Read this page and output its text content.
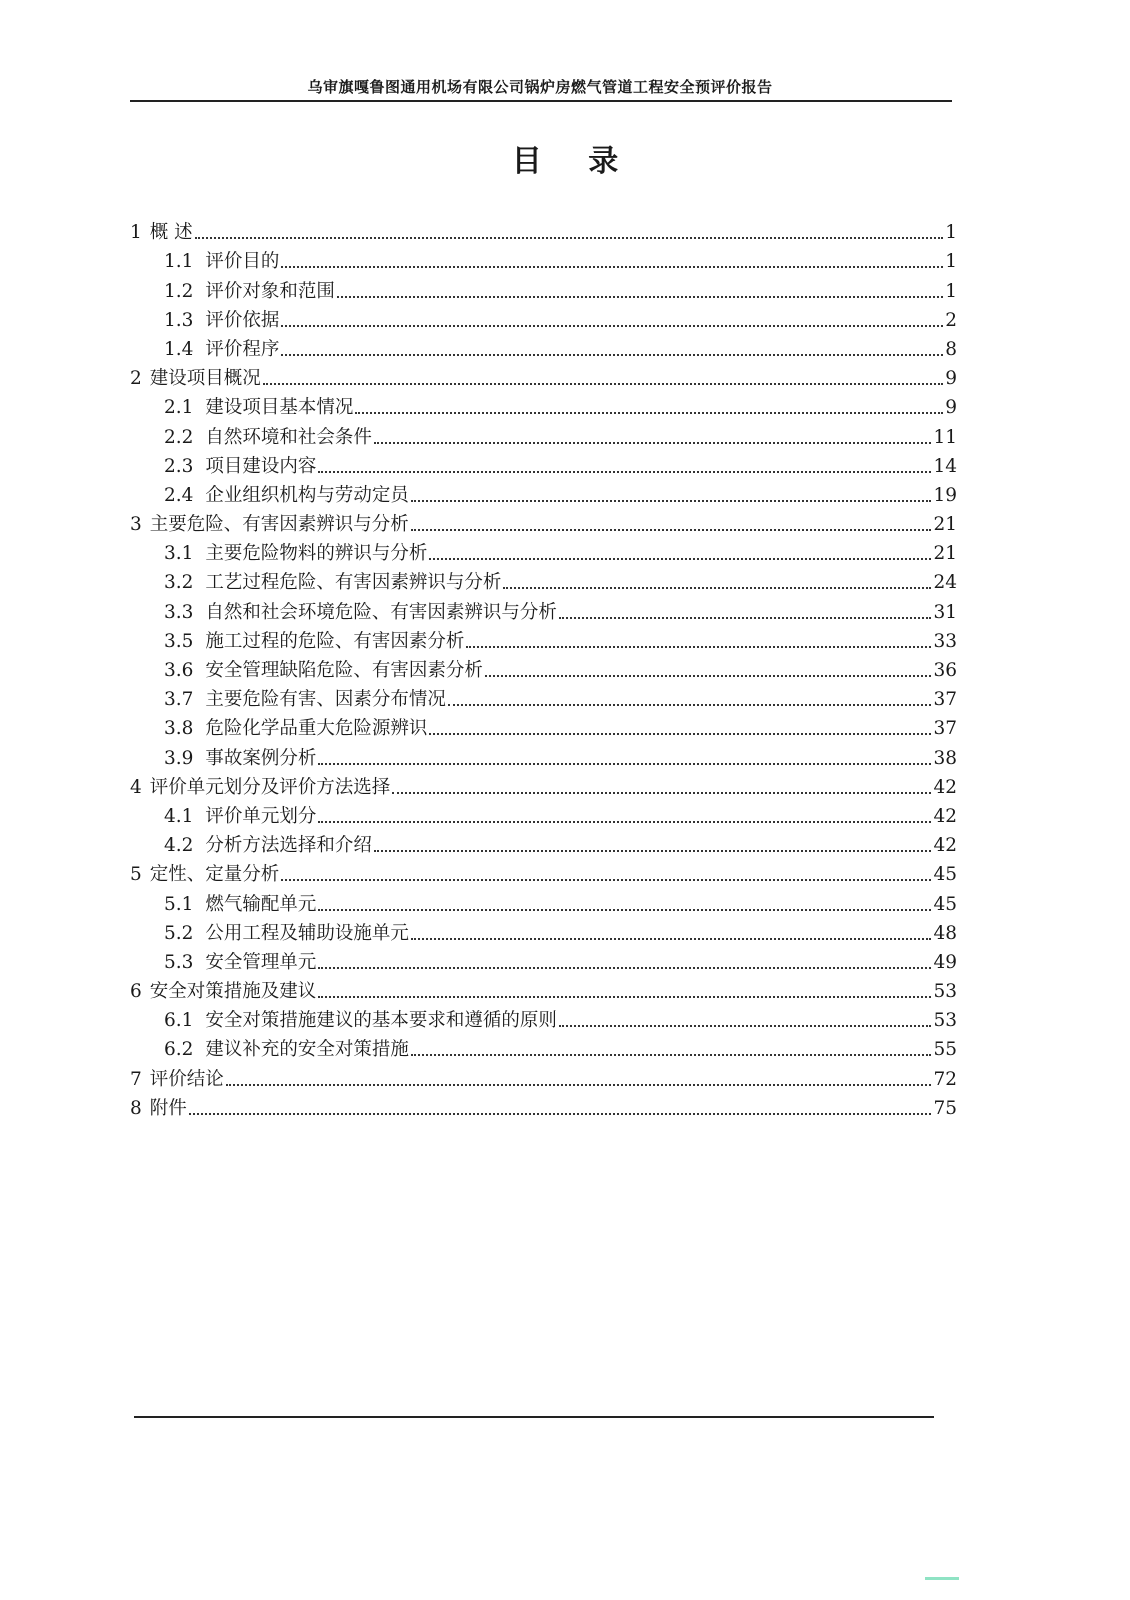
乌审旗嘎鲁图通用机场有限公司锅炉房燃气管道工程安全预评价报告
目 录
1 概 述	1
1.1 评价目的	1
1.2 评价对象和范围	1
1.3 评价依据	2
1.4 评价程序	8
2 建设项目概况	9
2.1 建设项目基本情况	9
2.2 自然环境和社会条件	11
2.3 项目建设内容	14
2.4 企业组织机构与劳动定员	19
3 主要危险、有害因素辨识与分析	21
3.1 主要危险物料的辨识与分析	21
3.2 工艺过程危险、有害因素辨识与分析	24
3.3 自然和社会环境危险、有害因素辨识与分析	31
3.5 施工过程的危险、有害因素分析	33
3.6 安全管理缺陷危险、有害因素分析	36
3.7 主要危险有害、因素分布情况	37
3.8 危险化学品重大危险源辨识	37
3.9 事故案例分析	38
4 评价单元划分及评价方法选择	42
4.1 评价单元划分	42
4.2 分析方法选择和介绍	42
5 定性、定量分析	45
5.1 燃气输配单元	45
5.2 公用工程及辅助设施单元	48
5.3 安全管理单元	49
6 安全对策措施及建议	53
6.1 安全对策措施建议的基本要求和遵循的原则	53
6.2 建议补充的安全对策措施	55
7 评价结论	72
8 附件	75
